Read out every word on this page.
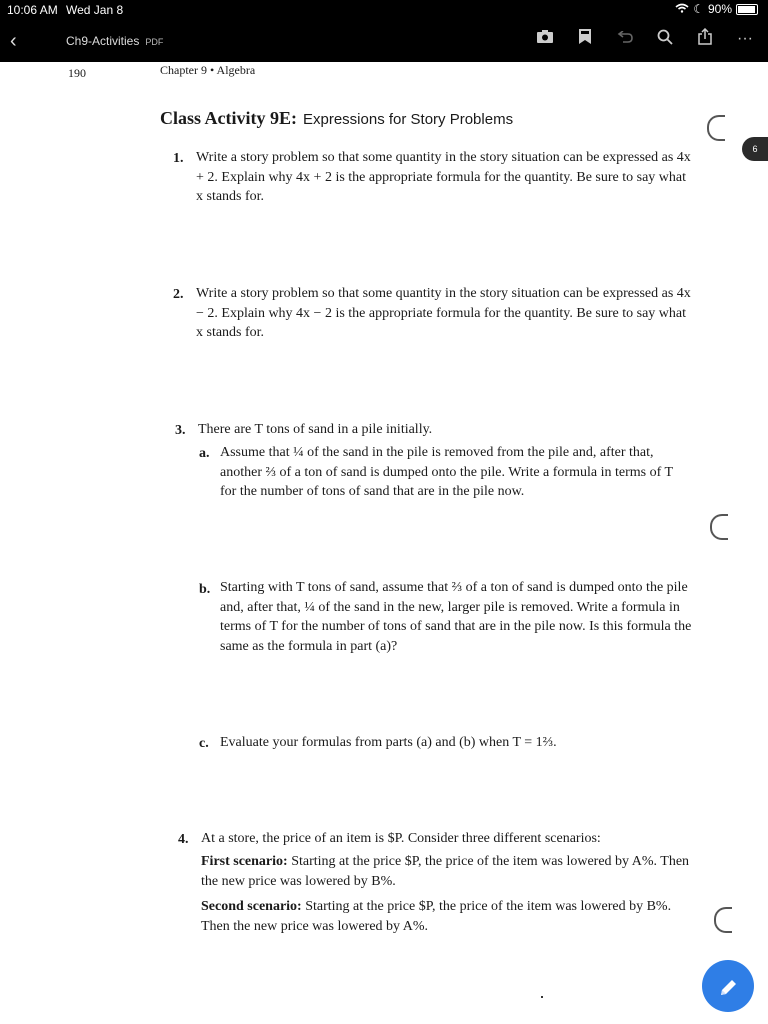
10:06 AM Wed Jan 8	☾ 90%
‹	Ch9-Activities PDF	···
6
190	Chapter 9 • Algebra
Class Activity 9E: Expressions for Story Problems
1. Write a story problem so that some quantity in the story situation can be expressed as 4x + 2. Explain why 4x + 2 is the appropriate formula for the quantity. Be sure to say what x stands for.
2. Write a story problem so that some quantity in the story situation can be expressed as 4x − 2. Explain why 4x − 2 is the appropriate formula for the quantity. Be sure to say what x stands for.
3. There are T tons of sand in a pile initially.
a. Assume that ¼ of the sand in the pile is removed from the pile and, after that, another ⅔ of a ton of sand is dumped onto the pile. Write a formula in terms of T for the number of tons of sand that are in the pile now.
b. Starting with T tons of sand, assume that ⅔ of a ton of sand is dumped onto the pile and, after that, ¼ of the sand in the new, larger pile is removed. Write a formula in terms of T for the number of tons of sand that are in the pile now. Is this formula the same as the formula in part (a)?
c. Evaluate your formulas from parts (a) and (b) when T = 1⅔.
4. At a store, the price of an item is $P. Consider three different scenarios:
First scenario: Starting at the price $P, the price of the item was lowered by A%. Then the new price was lowered by B%.
Second scenario: Starting at the price $P, the price of the item was lowered by B%. Then the new price was lowered by A%.
